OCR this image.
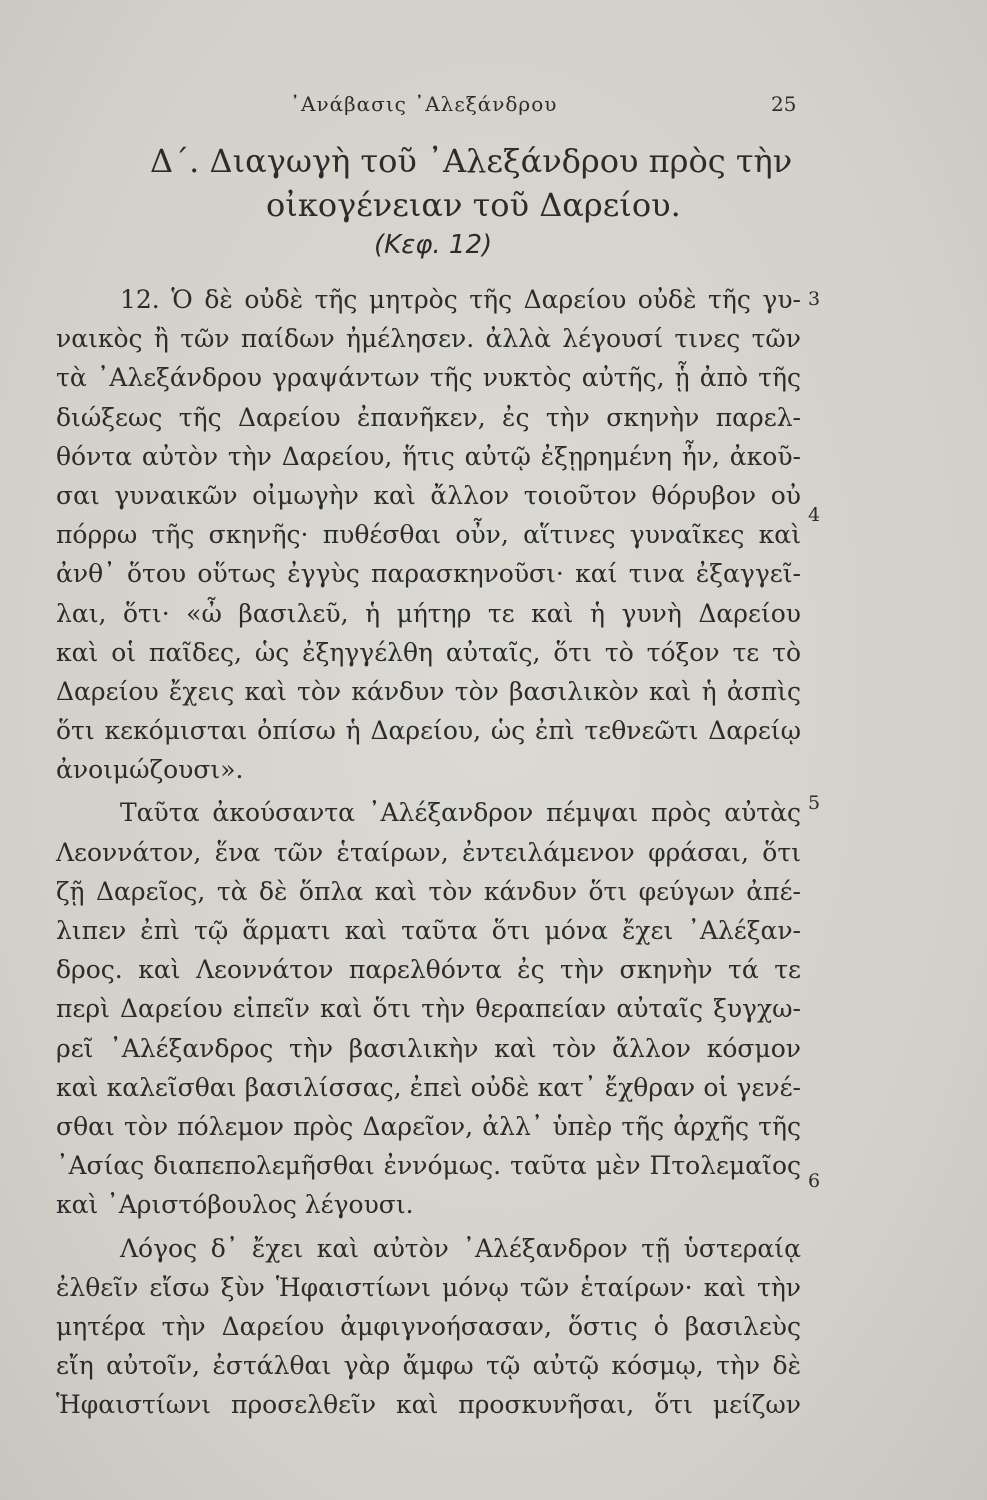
᾽Ανάβασις ᾽Αλεξάνδρου	25
Δ΄. Διαγωγὴ τοῦ ᾽Αλεξάνδρου πρὸς τὴν
οἰκογένειαν τοῦ Δαρείου.
(Κεφ. 12)
12. Ὁ δὲ οὐδὲ τῆς μητρὸς τῆς Δαρείου οὐδὲ τῆς γυ-
ναικὸς ἢ τῶν παίδων ἠμέλησεν. ἀλλὰ λέγουσί τινες τῶν
τὰ ᾽Αλεξάνδρου γραψάντων τῆς νυκτὸς αὐτῆς, ᾗ ἀπὸ τῆς
διώξεως τῆς Δαρείου ἐπανῆκεν, ἐς τὴν σκηνὴν παρελ-
θόντα αὐτὸν τὴν Δαρείου, ἥτις αὐτῷ ἐξῃρημένη ἦν, ἀκοῦ-
σαι γυναικῶν οἰμωγὴν καὶ ἄλλον τοιοῦτον θόρυβον οὐ
πόρρω τῆς σκηνῆς· πυθέσθαι οὖν, αἵτινες γυναῖκες καὶ
ἀνθ᾽ ὅτου οὕτως ἐγγὺς παρασκηνοῦσι· καί τινα ἐξαγγεῖ-
λαι, ὅτι· «ὦ βασιλεῦ, ἡ μήτηρ τε καὶ ἡ γυνὴ Δαρείου
καὶ οἱ παῖδες, ὡς ἐξηγγέλθη αὐταῖς, ὅτι τὸ τόξον τε τὸ
Δαρείου ἔχεις καὶ τὸν κάνδυν τὸν βασιλικὸν καὶ ἡ ἀσπὶς
ὅτι κεκόμισται ὀπίσω ἡ Δαρείου, ὡς ἐπὶ τεθνεῶτι Δαρείῳ
ἀνοιμώζουσι».
Ταῦτα ἀκούσαντα ᾽Αλέξανδρον πέμψαι πρὸς αὐτὰς
Λεοννάτον, ἕνα τῶν ἑταίρων, ἐντειλάμενον φράσαι, ὅτι
ζῇ Δαρεῖος, τὰ δὲ ὅπλα καὶ τὸν κάνδυν ὅτι φεύγων ἀπέ-
λιπεν ἐπὶ τῷ ἅρματι καὶ ταῦτα ὅτι μόνα ἔχει ᾽Αλέξαν-
δρος. καὶ Λεοννάτον παρελθόντα ἐς τὴν σκηνὴν τά τε
περὶ Δαρείου εἰπεῖν καὶ ὅτι τὴν θεραπείαν αὐταῖς ξυγχω-
ρεῖ ᾽Αλέξανδρος τὴν βασιλικὴν καὶ τὸν ἄλλον κόσμον
καὶ καλεῖσθαι βασιλίσσας, ἐπεὶ οὐδὲ κατ᾽ ἔχθραν οἱ γενέ-
σθαι τὸν πόλεμον πρὸς Δαρεῖον, ἀλλ᾽ ὑπὲρ τῆς ἀρχῆς τῆς
᾽Ασίας διαπεπολεμῆσθαι ἐννόμως. ταῦτα μὲν Πτολεμαῖος
καὶ ᾽Αριστόβουλος λέγουσι.
Λόγος δ᾽ ἔχει καὶ αὐτὸν ᾽Αλέξανδρον τῇ ὑστεραίᾳ
ἐλθεῖν εἴσω ξὺν Ἡφαιστίωνι μόνῳ τῶν ἑταίρων· καὶ τὴν
μητέρα τὴν Δαρείου ἀμφιγνοήσασαν, ὅστις ὁ βασιλεὺς
εἴη αὐτοῖν, ἐστάλθαι γὰρ ἄμφω τῷ αὐτῷ κόσμῳ, τὴν δὲ
Ἡφαιστίωνι προσελθεῖν καὶ προσκυνῆσαι, ὅτι μείζων
3
4
5
6
